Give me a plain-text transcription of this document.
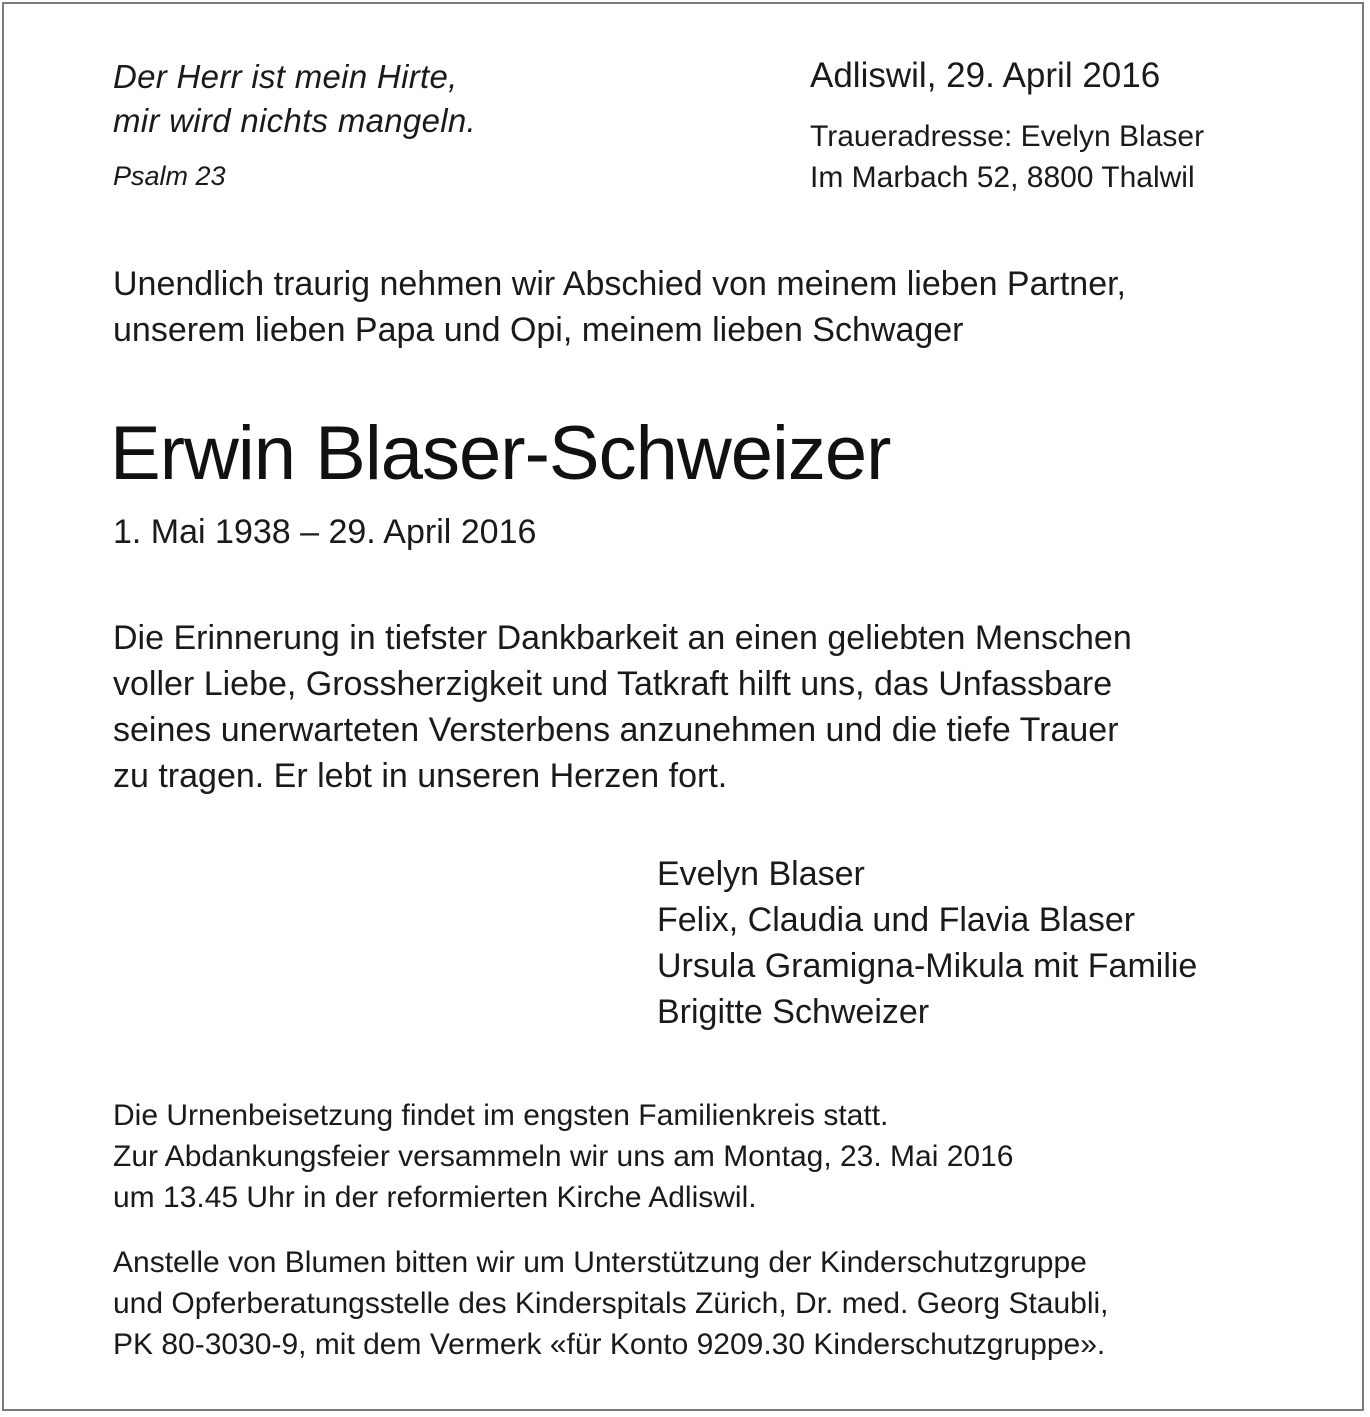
Der Herr ist mein Hirte,
mir wird nichts mangeln.
Psalm 23
Adliswil, 29. April 2016
Traueradresse: Evelyn Blaser
Im Marbach 52, 8800 Thalwil
Unendlich traurig nehmen wir Abschied von meinem lieben Partner,
unserem lieben Papa und Opi, meinem lieben Schwager
Erwin Blaser-Schweizer
1. Mai 1938 – 29. April 2016
Die Erinnerung in tiefster Dankbarkeit an einen geliebten Menschen
voller Liebe, Grossherzigkeit und Tatkraft hilft uns, das Unfassbare
seines unerwarteten Versterbens anzunehmen und die tiefe Trauer
zu tragen. Er lebt in unseren Herzen fort.
Evelyn Blaser
Felix, Claudia und Flavia Blaser
Ursula Gramigna-Mikula mit Familie
Brigitte Schweizer
Die Urnenbeisetzung findet im engsten Familienkreis statt.
Zur Abdankungsfeier versammeln wir uns am Montag, 23. Mai 2016
um 13.45 Uhr in der reformierten Kirche Adliswil.
Anstelle von Blumen bitten wir um Unterstützung der Kinderschutzgruppe
und Opferberatungsstelle des Kinderspitals Zürich, Dr. med. Georg Staubli,
PK 80-3030-9, mit dem Vermerk «für Konto 9209.30 Kinderschutzgruppe».
